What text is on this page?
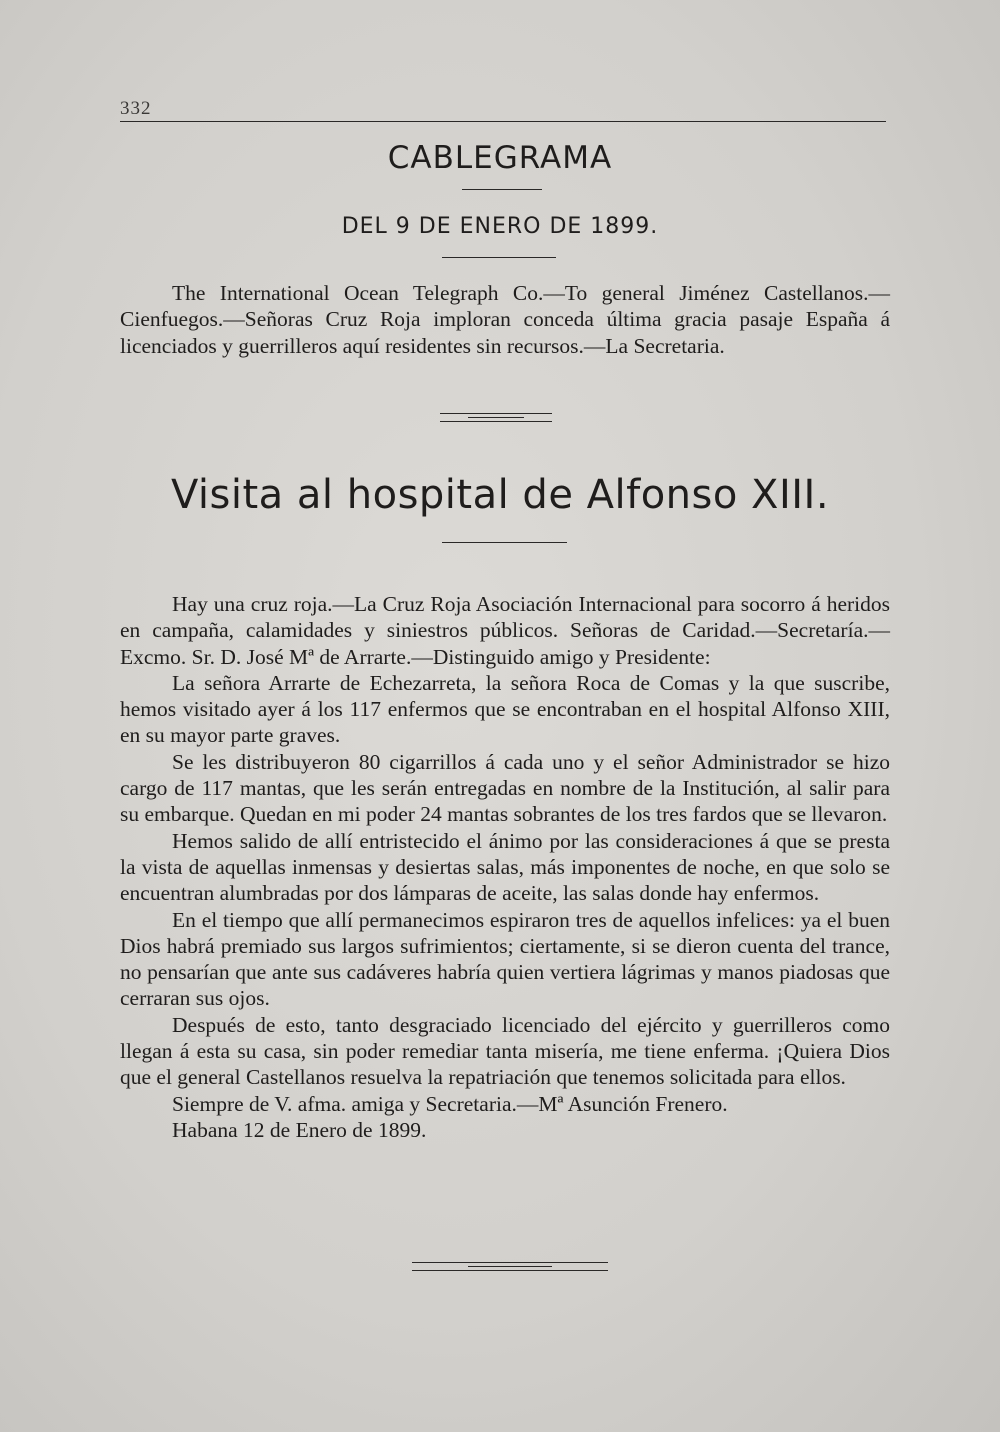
332
CABLEGRAMA
DEL 9 DE ENERO DE 1899.

The International Ocean Telegraph Co.—To general Jiménez Castellanos.—Cienfuegos.—Señoras Cruz Roja imploran conceda última gracia pasaje España á licenciados y guerrilleros aquí residentes sin recursos.—La Secretaria.

Visita al hospital de Alfonso XIII.

Hay una cruz roja.—La Cruz Roja Asociación Internacional para socorro á heridos en campaña, calamidades y siniestros públicos. Señoras de Caridad.—Secretaría.—Excmo. Sr. D. José Mª de Arrarte.—Distinguido amigo y Presidente:

La señora Arrarte de Echezarreta, la señora Roca de Comas y la que suscribe, hemos visitado ayer á los 117 enfermos que se encontraban en el hospital Alfonso XIII, en su mayor parte graves.

Se les distribuyeron 80 cigarrillos á cada uno y el señor Administrador se hizo cargo de 117 mantas, que les serán entregadas en nombre de la Institución, al salir para su embarque. Quedan en mi poder 24 mantas sobrantes de los tres fardos que se llevaron.

Hemos salido de allí entristecido el ánimo por las consideraciones á que se presta la vista de aquellas inmensas y desiertas salas, más imponentes de noche, en que solo se encuentran alumbradas por dos lámparas de aceite, las salas donde hay enfermos.

En el tiempo que allí permanecimos espiraron tres de aquellos infelices: ya el buen Dios habrá premiado sus largos sufrimientos; ciertamente, si se dieron cuenta del trance, no pensarían que ante sus cadáveres habría quien vertiera lágrimas y manos piadosas que cerraran sus ojos.

Después de esto, tanto desgraciado licenciado del ejército y guerrilleros como llegan á esta su casa, sin poder remediar tanta misería, me tiene enferma. ¡Quiera Dios que el general Castellanos resuelva la repatriación que tenemos solicitada para ellos.

Siempre de V. afma. amiga y Secretaria.—Mª Asunción Frenero.

Habana 12 de Enero de 1899.
